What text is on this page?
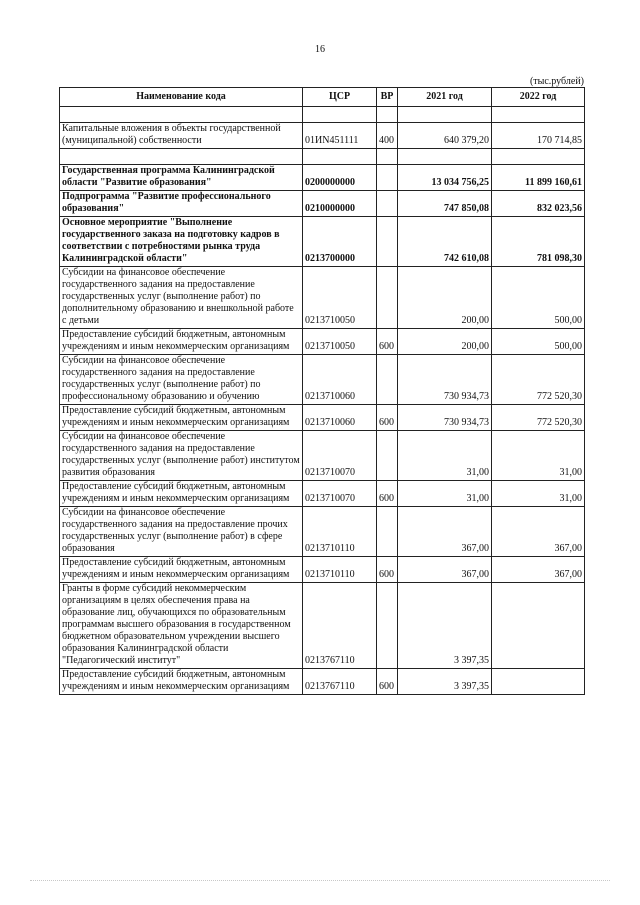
16
(тыс.рублей)
Наименование кода	ЦСР	ВР	2021 год	2022 год

Капитальные вложения в объекты государственной (муниципальной) собственности	01ИN451111	400	640 379,20	170 714,85

Государственная программа Калининградской области "Развитие образования"	0200000000		13 034 756,25	11 899 160,61
Подпрограмма "Развитие профессионального образования"	0210000000		747 850,08	832 023,56
Основное мероприятие "Выполнение государственного заказа на подготовку кадров в соответствии с потребностями рынка труда Калининградской области"	0213700000		742 610,08	781 098,30
Субсидии на финансовое обеспечение государственного задания на предоставление государственных услуг (выполнение работ) по дополнительному образованию и внешкольной работе с детьми	0213710050		200,00	500,00
Предоставление субсидий бюджетным, автономным учреждениям и иным некоммерческим организациям	0213710050	600	200,00	500,00
Субсидии на финансовое обеспечение государственного задания на предоставление государственных услуг (выполнение работ) по профессиональному образованию и обучению	0213710060		730 934,73	772 520,30
Предоставление субсидий бюджетным, автономным учреждениям и иным некоммерческим организациям	0213710060	600	730 934,73	772 520,30
Субсидии на финансовое обеспечение государственного задания на предоставление государственных услуг (выполнение работ) институтом развития образования	0213710070		31,00	31,00
Предоставление субсидий бюджетным, автономным учреждениям и иным некоммерческим организациям	0213710070	600	31,00	31,00
Субсидии на финансовое обеспечение государственного задания на предоставление прочих государственных услуг (выполнение работ) в сфере образования	0213710110		367,00	367,00
Предоставление субсидий бюджетным, автономным учреждениям и иным некоммерческим организациям	0213710110	600	367,00	367,00
Гранты в форме субсидий некоммерческим организациям в целях обеспечения права на образование лиц, обучающихся по образовательным программам высшего образования в государственном бюджетном образовательном учреждении высшего образования Калининградской области "Педагогический институт"	0213767110		3 397,35	
Предоставление субсидий бюджетным, автономным учреждениям и иным некоммерческим организациям	0213767110	600	3 397,35	
